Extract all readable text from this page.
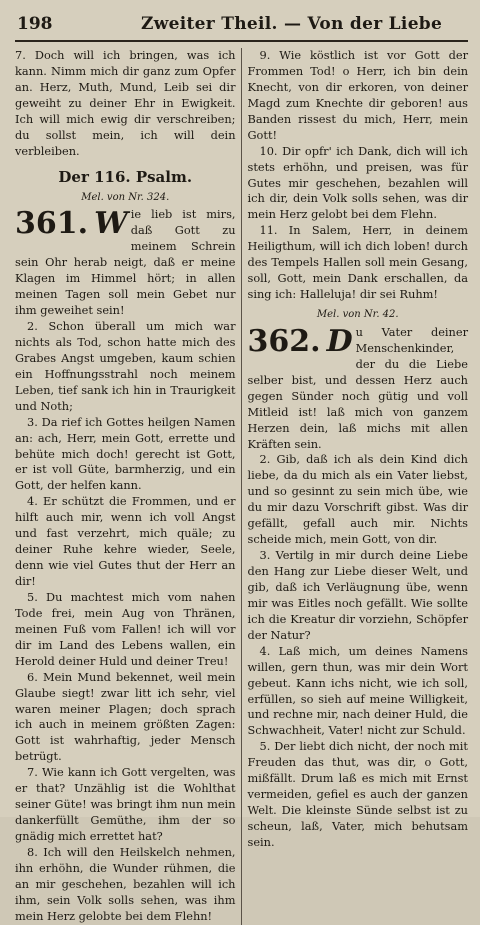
198	Zweiter Theil. — Von der Liebe

7. Doch will ich bringen, was ich kann. Nimm mich dir ganz zum Opfer an. Herz, Muth, Mund, Leib sei dir geweiht zu deiner Ehr in Ewigkeit. Ich will mich ewig dir verschreiben; du sollst mein, ich will dein verbleiben.

Der 116. Psalm.
Mel. von Nr. 324.
361. W ie lieb ist mirs, daß Gott zu meinem Schrein sein Ohr herab neigt, daß er meine Klagen im Himmel hört; in allen meinen Tagen soll mein Gebet nur ihm geweihet sein!

2. Schon überall um mich war nichts als Tod, schon hatte mich des Grabes Angst umgeben, kaum schien ein Hoffnungsstrahl noch meinem Leben, tief sank ich hin in Traurigkeit und Noth;

3. Da rief ich Gottes heilgen Namen an: ach, Herr, mein Gott, errette und behüte mich doch! gerecht ist Gott, er ist voll Güte, barmherzig, und ein Gott, der helfen kann.

4. Er schützt die Frommen, und er hilft auch mir, wenn ich voll Angst und fast verzehrt, mich quäle; zu deiner Ruhe kehre wieder, Seele, denn wie viel Gutes thut der Herr an dir!

5. Du machtest mich vom nahen Tode frei, mein Aug von Thränen, meinen Fuß vom Fallen! ich will vor dir im Land des Lebens wallen, ein Herold deiner Huld und deiner Treu!

6. Mein Mund bekennet, weil mein Glaube siegt! zwar litt ich sehr, viel waren meiner Plagen; doch sprach ich auch in meinem größten Zagen: Gott ist wahrhaftig, jeder Mensch betrügt.

7. Wie kann ich Gott vergelten, was er that? Unzählig ist die Wohlthat seiner Güte! was bringt ihm nun mein dankerfüllt Gemüthe, ihm der so gnädig mich errettet hat?

8. Ich will den Heilskelch nehmen, ihn erhöhn, die Wunder rühmen, die an mir geschehen, bezahlen will ich ihm, sein Volk solls sehen, was ihm mein Herz gelobte bei dem Flehn!

9. Wie köstlich ist vor Gott der Frommen Tod! o Herr, ich bin dein Knecht, von dir erkoren, von deiner Magd zum Knechte dir geboren! aus Banden rissest du mich, Herr, mein Gott!

10. Dir opfr' ich Dank, dich will ich stets erhöhn, und preisen, was für Gutes mir geschehen, bezahlen will ich dir, dein Volk solls sehen, was dir mein Herz gelobt bei dem Flehn.

11. In Salem, Herr, in deinem Heiligthum, will ich dich loben! durch des Tempels Hallen soll mein Gesang, soll, Gott, mein Dank erschallen, da sing ich: Halleluja! dir sei Ruhm!

Mel. von Nr. 42.
362. D u Vater deiner Menschenkinder, der du die Liebe selber bist, und dessen Herz auch gegen Sünder noch gütig und voll Mitleid ist! laß mich von ganzem Herzen dein, laß michs mit allen Kräften sein.

2. Gib, daß ich als dein Kind dich liebe, da du mich als ein Vater liebst, und so gesinnt zu sein mich übe, wie du mir dazu Vorschrift gibst. Was dir gefällt, gefall auch mir. Nichts scheide mich, mein Gott, von dir.

3. Vertilg in mir durch deine Liebe den Hang zur Liebe dieser Welt, und gib, daß ich Verläugnung übe, wenn mir was Eitles noch gefällt. Wie sollte ich die Kreatur dir vorziehn, Schöpfer der Natur?

4. Laß mich, um deines Namens willen, gern thun, was mir dein Wort gebeut. Kann ichs nicht, wie ich soll, erfüllen, so sieh auf meine Willigkeit, und rechne mir, nach deiner Huld, die Schwachheit, Vater! nicht zur Schuld.

5. Der liebt dich nicht, der noch mit Freuden das thut, was dir, o Gott, mißfällt. Drum laß es mich mit Ernst vermeiden, gefiel es auch der ganzen Welt. Die kleinste Sünde selbst ist zu scheun, laß, Vater, mich behutsam sein.
